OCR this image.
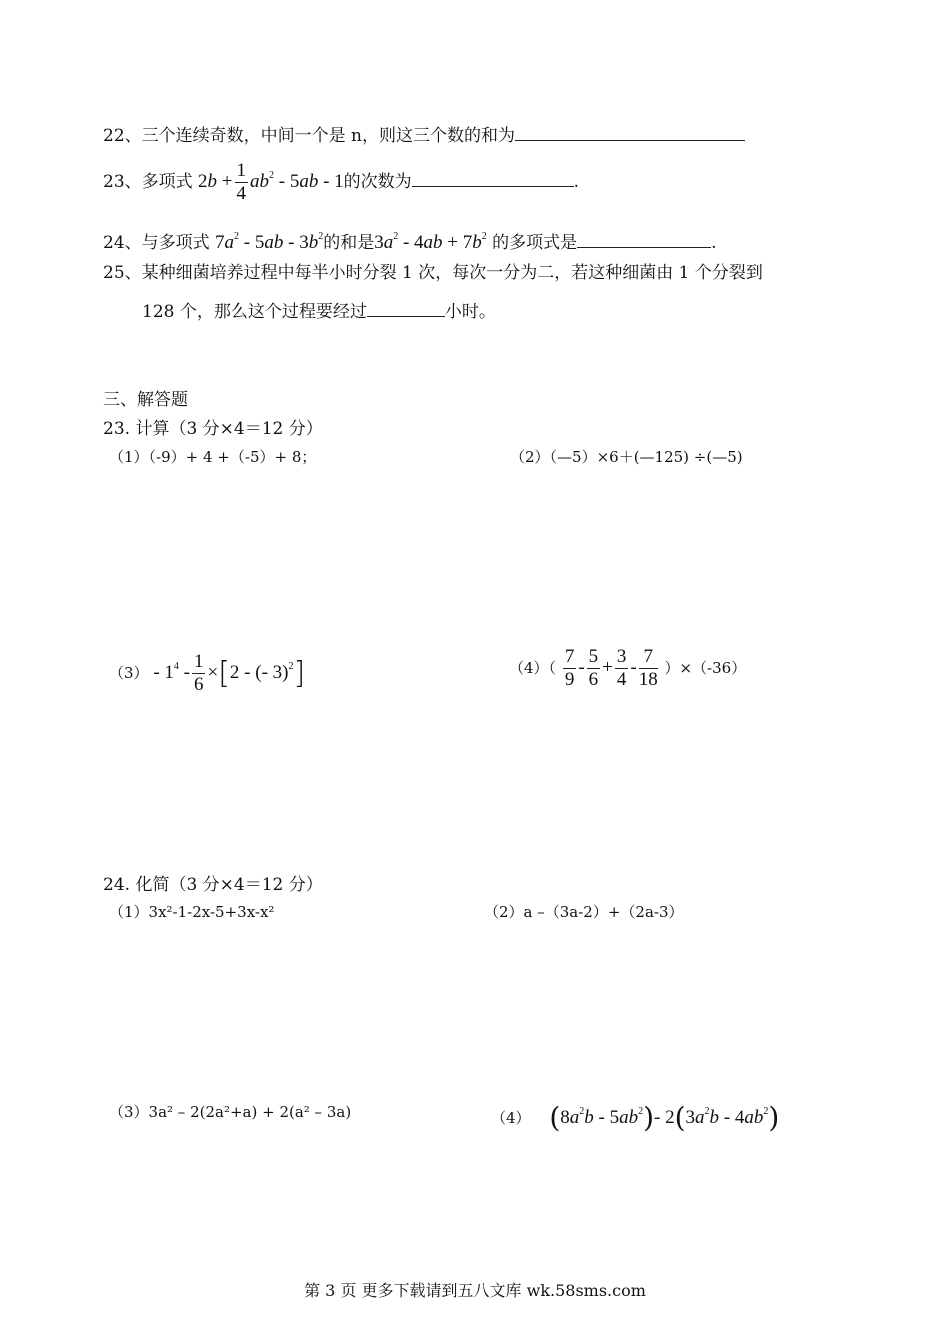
22、三个连续奇数，中间一个是 n，则这三个数的和为
23、多项式 $2b + \frac{1}{4} ab^2 - 5ab - 1$的次数为	.
24、与多项式 $7a^2 - 5ab - 3b^2$的和是$3a^2 - 4ab + 7b^2$ 的多项式是	.
25、某种细菌培养过程中每半小时分裂 1 次，每次一分为二，若这种细菌由 1 个分裂到
128 个，那么这个过程要经过	小时。
三、解答题
23. 计算（3 分×4＝12 分）
（1）（-9）+ 4 +（-5）+ 8；	（2）（—5）×6＋(—125) ÷(—5)
$(3) - 1^4 - \frac{1}{6} \times[2$ - (- 3)$^2$]	$(4)( \frac{7}{9} - \frac{5}{6} + \frac{3}{4} - \frac{7}{18} )\times(-36)$
24. 化简（3 分×4＝12 分）
（1）3x²-1-2x-5+3x-x²	（2）a –（3a-2）+（2a-3）
（3）3a² – 2(2a²+a) + 2(a² – 3a)	（4） $(8a^2b - 5ab^2)-$ $2(3a^2b - 4ab^2)$
第 3 页 更多下载请到五八文库 wk.58sms.com
